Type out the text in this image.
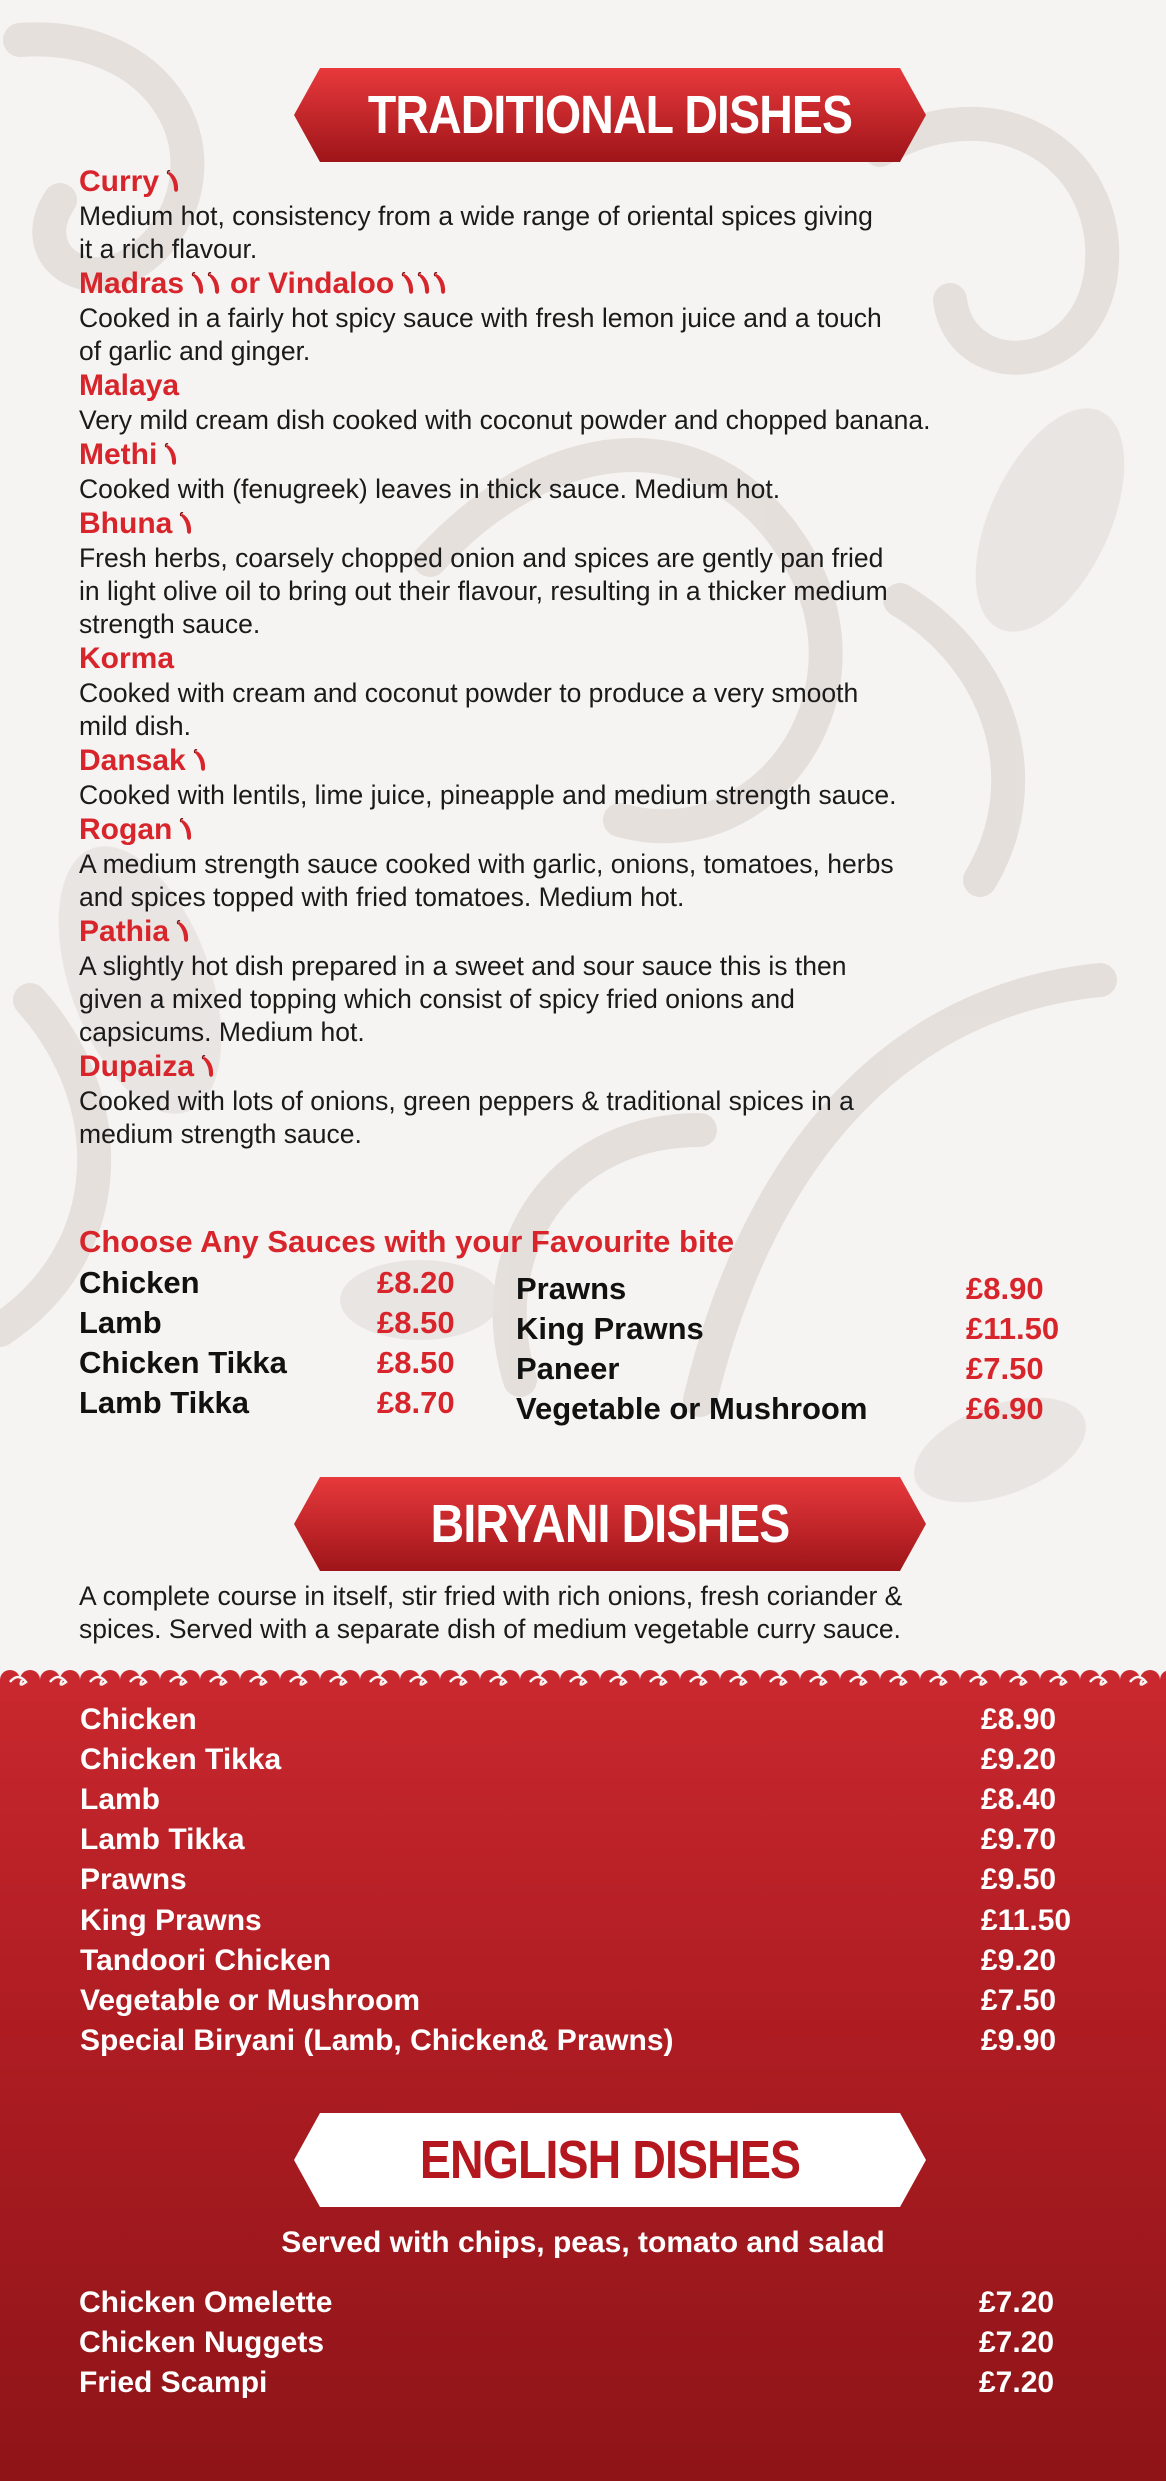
TRADITIONAL DISHES
Curry
Medium hot, consistency from a wide range of oriental spices giving
it a rich flavour.
Madras or Vindaloo
Cooked in a fairly hot spicy sauce with fresh lemon juice and a touch
of garlic and ginger.
Malaya
Very mild cream dish cooked with coconut powder and chopped banana.
Methi
Cooked with (fenugreek) leaves in thick sauce. Medium hot.
Bhuna
Fresh herbs, coarsely chopped onion and spices are gently pan fried
in light olive oil to bring out their flavour, resulting in a thicker medium
strength sauce.
Korma
Cooked with cream and coconut powder to produce a very smooth
mild dish.
Dansak
Cooked with lentils, lime juice, pineapple and medium strength sauce.
Rogan
A medium strength sauce cooked with garlic, onions, tomatoes, herbs
and spices topped with fried tomatoes. Medium hot.
Pathia
A slightly hot dish prepared in a sweet and sour sauce this is then
given a mixed topping which consist of spicy fried onions and
capsicums. Medium hot.
Dupaiza
Cooked with lots of onions, green peppers & traditional spices in a
medium strength sauce.
Choose Any Sauces with your Favourite bite
Chicken	£8.20
Lamb	£8.50
Chicken Tikka	£8.50
Lamb Tikka	£8.70
Prawns	£8.90
King Prawns	£11.50
Paneer	£7.50
Vegetable or Mushroom	£6.90
BIRYANI DISHES
A complete course in itself, stir fried with rich onions, fresh coriander &
spices. Served with a separate dish of medium vegetable curry sauce.
Chicken	£8.90
Chicken Tikka	£9.20
Lamb	£8.40
Lamb Tikka	£9.70
Prawns	£9.50
King Prawns	£11.50
Tandoori Chicken	£9.20
Vegetable or Mushroom	£7.50
Special Biryani (Lamb, Chicken& Prawns)	£9.90
ENGLISH DISHES
Served with chips, peas, tomato and salad
Chicken Omelette	£7.20
Chicken Nuggets	£7.20
Fried Scampi	£7.20
